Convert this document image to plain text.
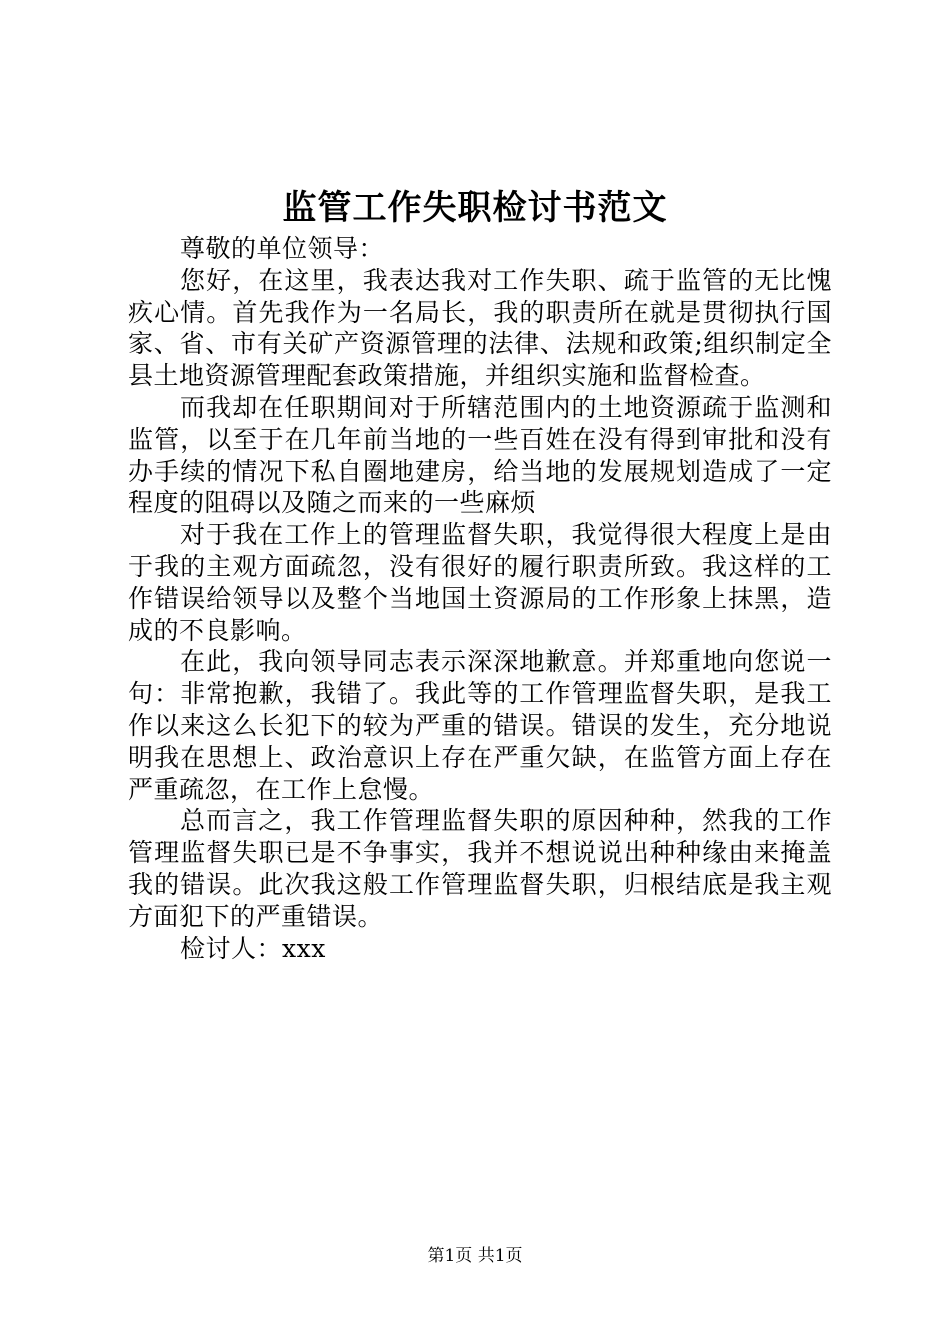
监管工作失职检讨书范文

尊敬的单位领导：

您好，在这里，我表达我对工作失职、疏于监管的无比愧疚心情。首先我作为一名局长，我的职责所在就是贯彻执行国家、省、市有关矿产资源管理的法律、法规和政策;组织制定全县土地资源管理配套政策措施，并组织实施和监督检查。

而我却在任职期间对于所辖范围内的土地资源疏于监测和监管，以至于在几年前当地的一些百姓在没有得到审批和没有办手续的情况下私自圈地建房，给当地的发展规划造成了一定程度的阻碍以及随之而来的一些麻烦

对于我在工作上的管理监督失职，我觉得很大程度上是由于我的主观方面疏忽，没有很好的履行职责所致。我这样的工作错误给领导以及整个当地国土资源局的工作形象上抹黑，造成的不良影响。

在此，我向领导同志表示深深地歉意。并郑重地向您说一句：非常抱歉，我错了。我此等的工作管理监督失职，是我工作以来这么长犯下的较为严重的错误。错误的发生，充分地说明我在思想上、政治意识上存在严重欠缺，在监管方面上存在严重疏忽，在工作上怠慢。

总而言之，我工作管理监督失职的原因种种，然我的工作管理监督失职已是不争事实，我并不想说说出种种缘由来掩盖我的错误。此次我这般工作管理监督失职，归根结底是我主观方面犯下的严重错误。

检讨人：xxx

第1页 共1页
